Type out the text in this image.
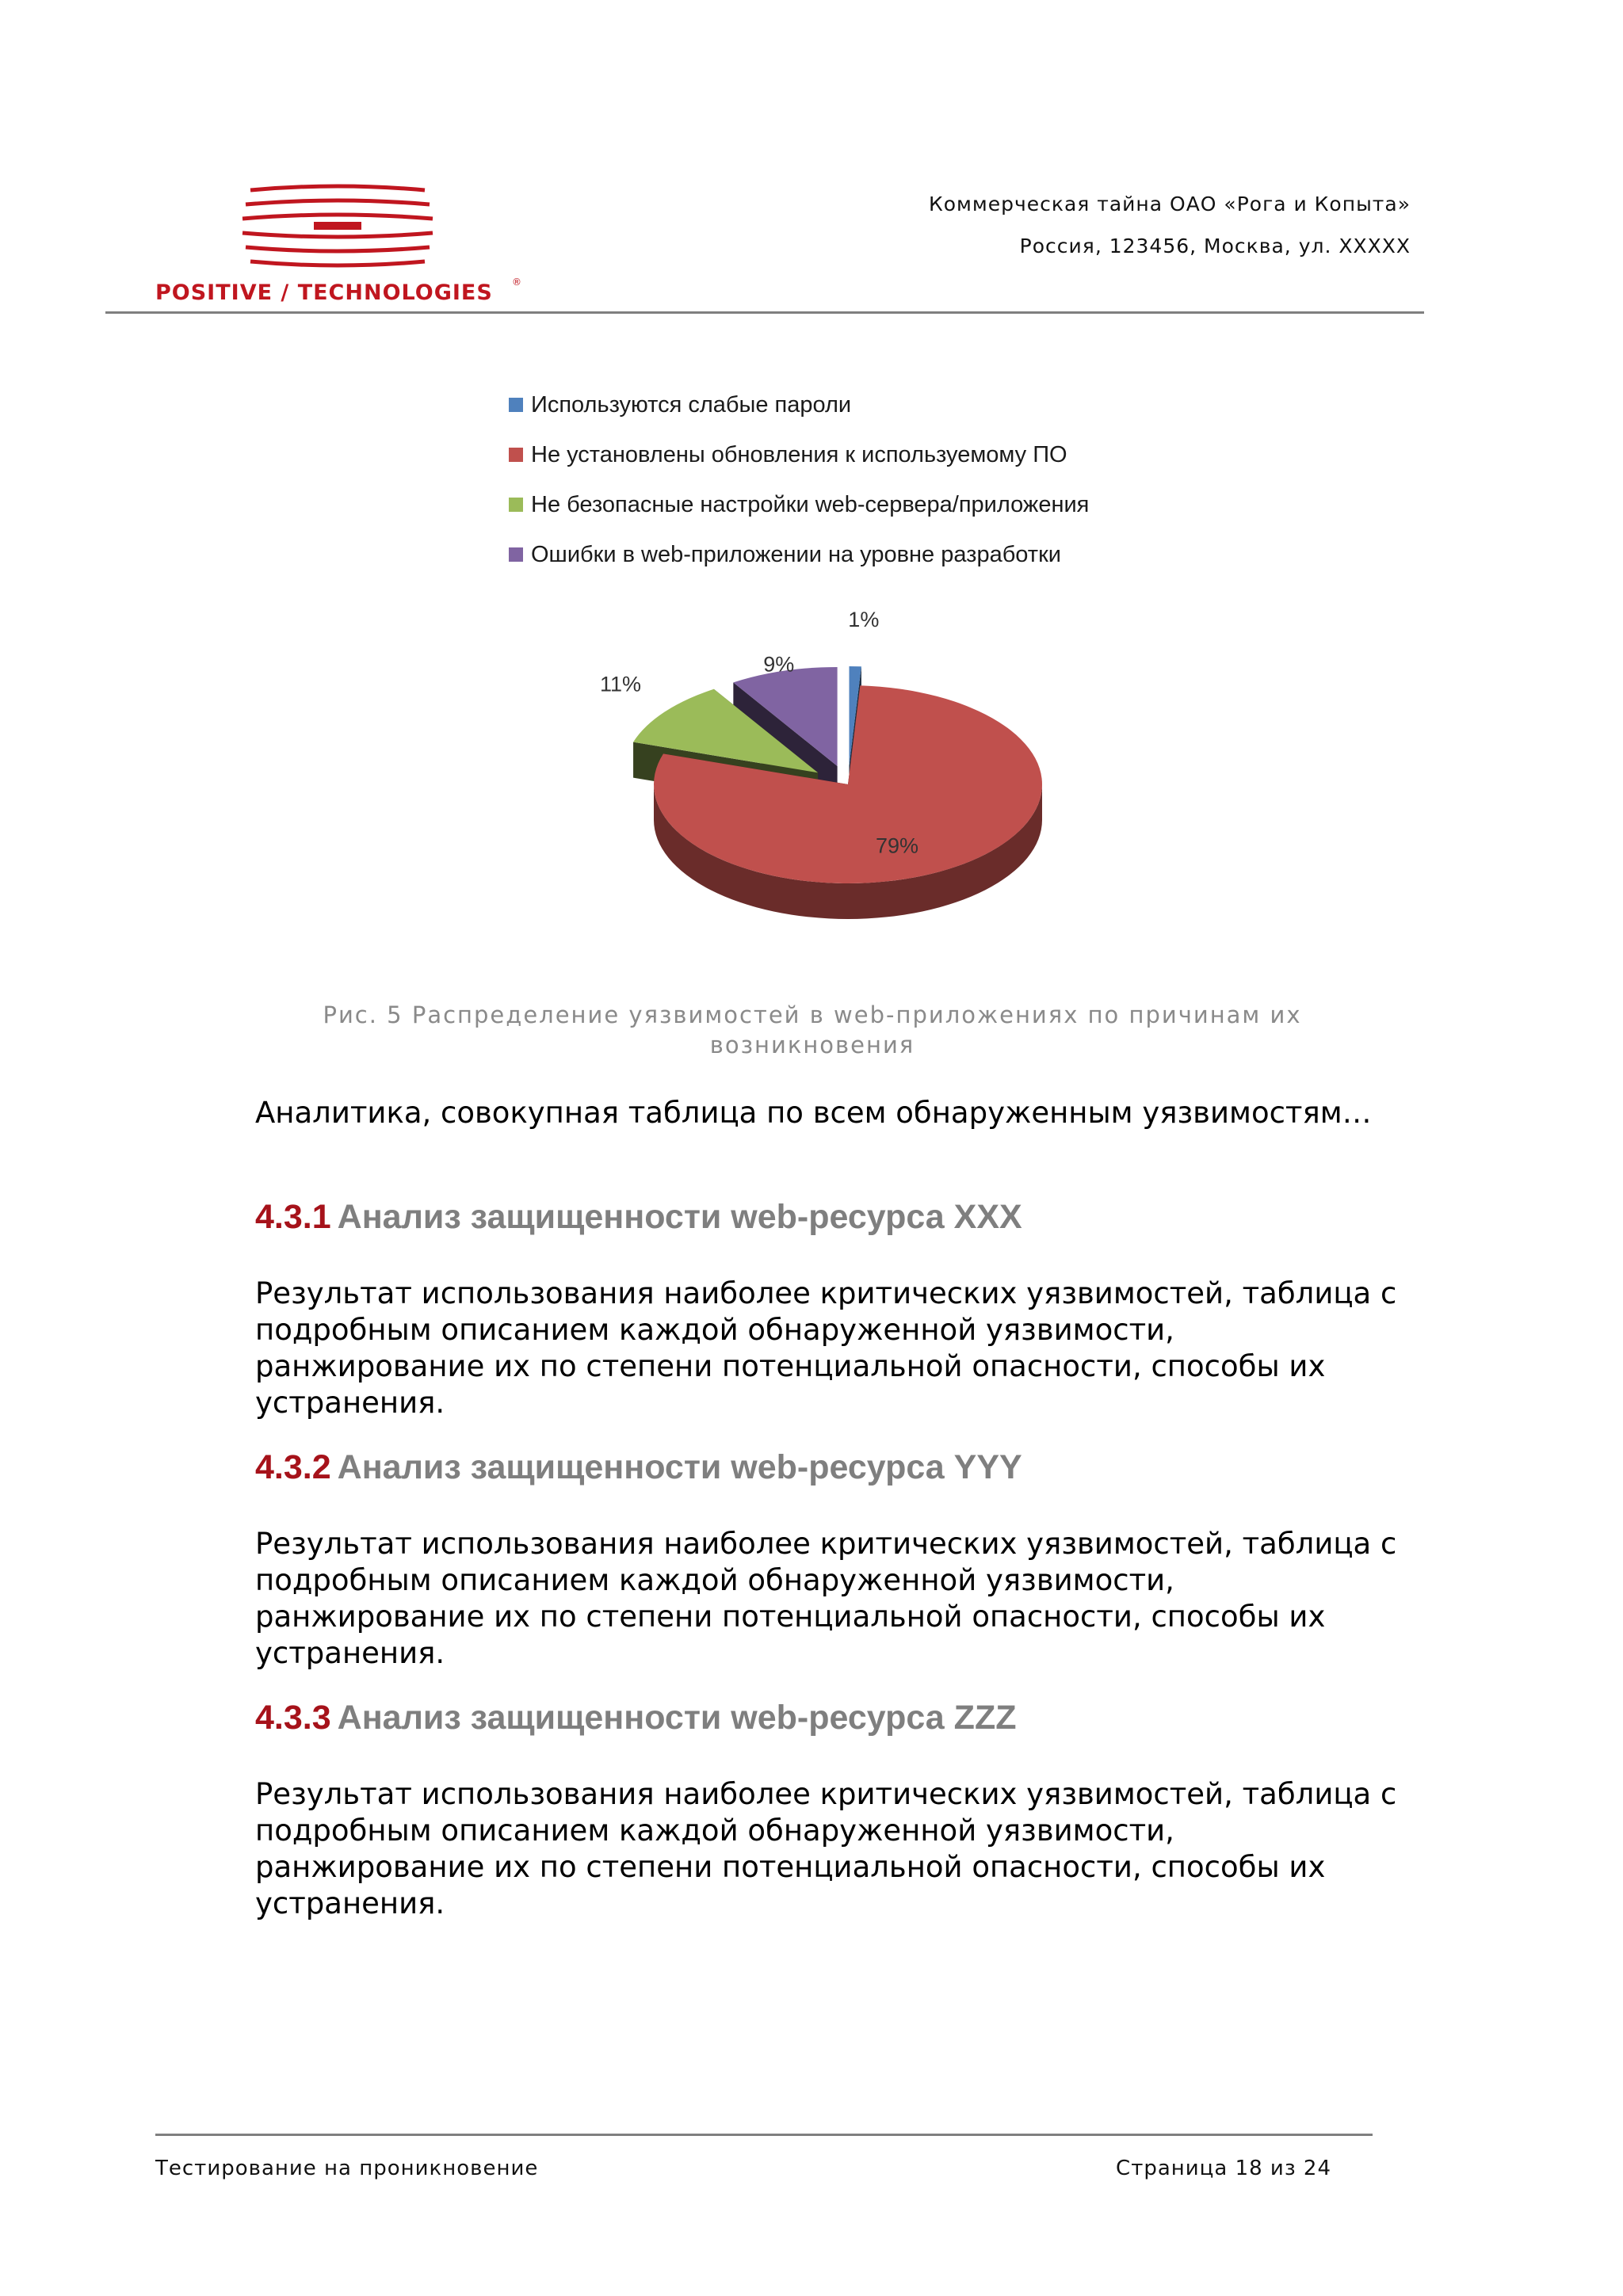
POSITIVE / TECHNOLOGIES ®
Коммерческая тайна ОАО «Рога и Копыта»
Россия, 123456, Москва, ул. XXXXX
Используются слабые пароли
Не установлены обновления к используемому ПО
Не безопасные настройки web-сервера/приложения
Ошибки в web-приложении на уровне разработки
1%
9%
11%
79%
Рис. 5 Распределение уязвимостей в web-приложениях по причинам их возникновения
Аналитика, совокупная таблица по всем обнаруженным уязвимостям…
4.3.1 Анализ защищенности web-ресурса XXX
Результат использования наиболее критических уязвимостей, таблица с подробным описанием каждой обнаруженной уязвимости, ранжирование их по степени потенциальной опасности, способы их устранения.
4.3.2 Анализ защищенности web-ресурса YYY
Результат использования наиболее критических уязвимостей, таблица с подробным описанием каждой обнаруженной уязвимости, ранжирование их по степени потенциальной опасности, способы их устранения.
4.3.3 Анализ защищенности web-ресурса ZZZ
Результат использования наиболее критических уязвимостей, таблица с подробным описанием каждой обнаруженной уязвимости, ранжирование их по степени потенциальной опасности, способы их устранения.
Тестирование на проникновение	Страница 18 из 24
